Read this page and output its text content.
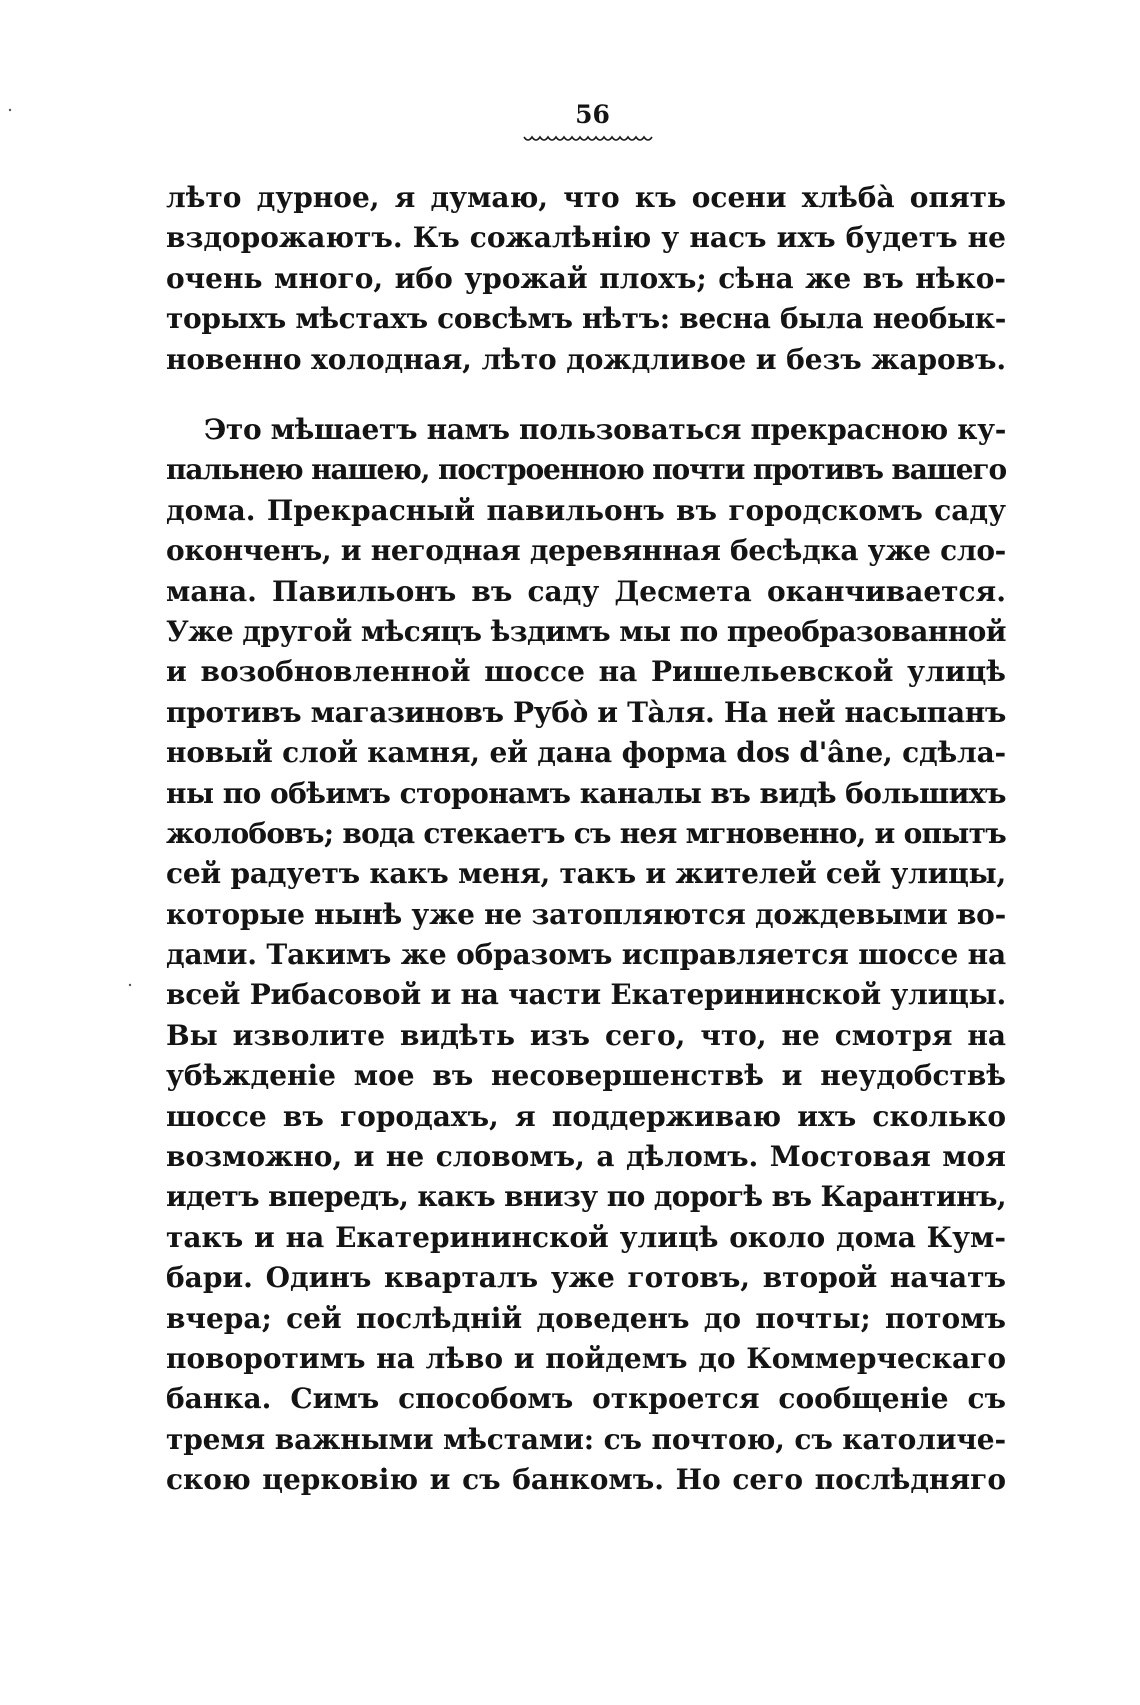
56
лѣто дурное, я думаю, что къ осени хлѣбà опять
вздорожаютъ. Къ сожалѣнію у насъ ихъ будетъ не
очень много, ибо урожай плохъ; сѣна же въ нѣко-
торыхъ мѣстахъ совсѣмъ нѣтъ: весна была необык-
новенно холодная, лѣто дождливое и безъ жаровъ.
Это мѣшаетъ намъ пользоваться прекрасною ку-
пальнею нашею, построенною почти противъ вашего
дома. Прекрасный павильонъ въ городскомъ саду
оконченъ, и негодная деревянная бесѣдка уже сло-
мана. Павильонъ въ саду Десмета оканчивается.
Уже другой мѣсяцъ ѣздимъ мы по преобразованной
и возобновленной шоссе на Ришельевской улицѣ
противъ магазиновъ Рубò и Тàля. На ней насыпанъ
новый слой камня, ей дана форма dos d'âne, сдѣла-
ны по обѣимъ сторонамъ каналы въ видѣ большихъ
жолобовъ; вода стекаетъ съ нея мгновенно, и опытъ
сей радуетъ какъ меня, такъ и жителей сей улицы,
которые нынѣ уже не затопляются дождевыми во-
дами. Такимъ же образомъ исправляется шоссе на
всей Рибасовой и на части Екатерининской улицы.
Вы изволите видѣть изъ сего, что, не смотря на
убѣжденіе мое въ несовершенствѣ и неудобствѣ
шоссе въ городахъ, я поддерживаю ихъ сколько
возможно, и не словомъ, а дѣломъ. Мостовая моя
идетъ впередъ, какъ внизу по дорогѣ въ Карантинъ,
такъ и на Екатерининской улицѣ около дома Кум-
бари. Одинъ кварталъ уже готовъ, второй начатъ
вчера; сей послѣдній доведенъ до почты; потомъ
поворотимъ на лѣво и пойдемъ до Коммерческаго
банка. Симъ способомъ откроется сообщеніе съ
тремя важными мѣстами: съ почтою, съ католиче-
скою церковію и съ банкомъ. Но сего послѣдняго
